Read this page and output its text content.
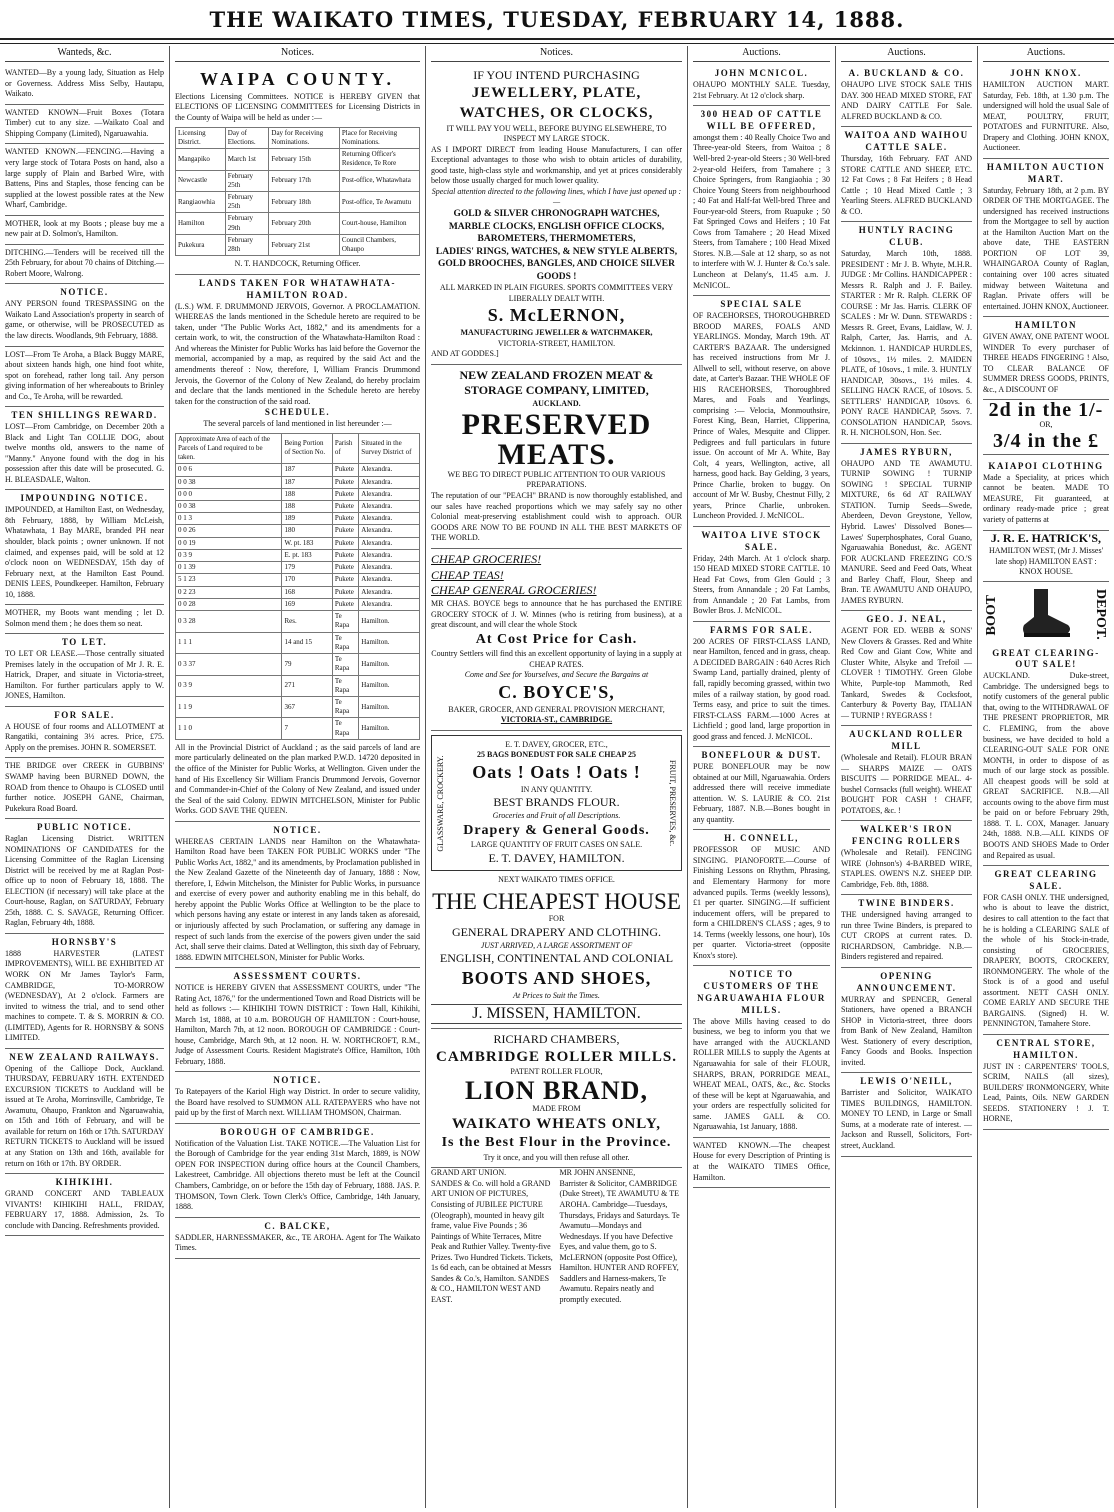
THE WAIKATO TIMES, TUESDAY, FEBRUARY 14, 1888.
Wanteds, &c.
WANTED—By a young lady, Situation as Help or Governess. Address Miss Selby, Hautapu, Waikato.
WANTED KNOWN—Fruit Boxes (Totara Timber) cut to any size. —Waikato Coal and Shipping Company (Limited), Ngaruawahia.
WANTED KNOWN.—FENCING.—Having a very large stock of Totara Posts on hand, also a large supply of Plain and Barbed Wire, with Battens, Pins and Staples, those fencing can be supplied at the lowest possible rates at the New Wharf, Cambridge.
MOTHER, look at my Boots ; please buy me a new pair at D. Solmon's, Hamilton.
DITCHING.—Tenders will be received till the 25th February, for about 70 chains of Ditching.—Robert Moore, Walrong.
NOTICE.
ANY PERSON found TRESPASSING on the Waikato Land Association's property in search of game, or otherwise, will be PROSECUTED as the law directs. Woodlands, 9th February, 1888.
LOST—From Te Aroha, a Black Buggy MARE, about sixteen hands high, one hind foot white, spot on forehead, rather long tail. Any person giving information of her whereabouts to Brinley and Co., Te Aroha, will be rewarded.
TEN SHILLINGS REWARD.
LOST—From Cambridge, on December 20th a Black and Light Tan COLLIE DOG, about twelve months old, answers to the name of "Manny." Anyone found with the dog in his possession after this date will be prosecuted. G. H. BLEASDALE, Walton.
IMPOUNDING NOTICE.
IMPOUNDED, at Hamilton East, on Wednesday, 8th February, 1888, by William McLeish, Whatawhata, 1 Bay MARE, branded PH near shoulder, black points ; owner unknown. If not claimed, and expenses paid, will be sold at 12 o'clock noon on WEDNESDAY, 15th day of February next, at the Hamilton East Pound. DENIS LEES, Poundkeeper. Hamilton, February 10, 1888.
MOTHER, my Boots want mending ; let D. Solmon mend them ; he does them so neat.
TO LET.
TO LET OR LEASE.—Those centrally situated Premises lately in the occupation of Mr J. R. E. Hatrick, Draper, and situate in Victoria-street, Hamilton. For further particulars apply to W. JONES, Hamilton.
FOR SALE.
A HOUSE of four rooms and ALLOTMENT at Rangatiki, containing 3½ acres. Price, £75. Apply on the premises. JOHN R. SOMERSET.
THE BRIDGE over CREEK in GUBBINS' SWAMP having been BURNED DOWN, the ROAD from thence to Ohaupo is CLOSED until further notice. JOSEPH GANE, Chairman, Pukekura Road Board.
PUBLIC NOTICE.
Raglan Licensing District. WRITTEN NOMINATIONS OF CANDIDATES for the Licensing Committee of the Raglan Licensing District will be received by me at Raglan Post-office up to noon of February 18, 1888. The ELECTION (if necessary) will take place at the Court-house, Raglan, on SATURDAY, February 25th, 1888. C. S. SAVAGE, Returning Officer. Raglan, February 4th, 1888.
HORNSBY'S
1888 HARVESTER (LATEST IMPROVEMENTS), WILL BE EXHIBITED AT WORK ON Mr James Taylor's Farm, CAMBRIDGE, TO-MORROW (WEDNESDAY), At 2 o'clock. Farmers are invited to witness the trial, and to send other machines to compete. T. & S. MORRIN & CO. (LIMITED), Agents for R. HORNSBY & SONS LIMITED.
NEW ZEALAND RAILWAYS.
Opening of the Calliope Dock, Auckland. THURSDAY, FEBRUARY 16TH. EXTENDED EXCURSION TICKETS to Auckland will be issued at Te Aroha, Morrinsville, Cambridge, Te Awamutu, Ohaupo, Frankton and Ngaruawahia, on 15th and 16th of February, and will be available for return on 16th or 17th. SATURDAY RETURN TICKETS to Auckland will be issued at any Station on 13th and 16th, available for return on 16th or 17th. BY ORDER.
KIHIKIHI.
GRAND CONCERT AND TABLEAUX VIVANTS! KIHIKIHI HALL, FRIDAY, FEBRUARY 17, 1888. Admission, 2s. To conclude with Dancing. Refreshments provided.
Notices.
WAIPA COUNTY.
Elections Licensing Committees. NOTICE is HEREBY GIVEN that ELECTIONS OF LICENSING COMMITTEES for Licensing Districts in the County of Waipa will be held as under :—
Licensing District.	Day of Elections.	Day for Receiving Nominations.	Place for Receiving Nominations.
Mangapiko	March 1st	February 15th	Returning Officer's Residence, Te Rore
Newcastle	February 25th	February 17th	Post-office, Whatawhata
Rangiaowhia	February 25th	February 18th	Post-office, Te Awamutu
Hamilton	February 29th	February 20th	Court-house, Hamilton
Pukekura	February 28th	February 21st	Council Chambers, Ohaupo
N. T. HANDCOCK, Returning Officer.
LANDS TAKEN FOR WHATAWHATA-HAMILTON ROAD.
(L.S.) WM. F. DRUMMOND JERVOIS, Governor. A PROCLAMATION. WHEREAS the lands mentioned in the Schedule hereto are required to be taken, under "The Public Works Act, 1882," and its amendments for a certain work, to wit, the construction of the Whatawhata-Hamilton Road : And whereas the Minister for Public Works has laid before the Governor the memorial, accompanied by a map, as required by the said Act and the amendments thereof : Now, therefore, I, William Francis Drummond Jervois, the Governor of the Colony of New Zealand, do hereby proclaim and declare that the lands mentioned in the Schedule hereto are hereby taken for the construction of the said road.
SCHEDULE.
The several parcels of land mentioned in list hereunder :—
Approximate Area of each of the Parcels of Land required to be taken.	Being Portion of Section No.	Parish of	Situated in the Survey District of
0 0 6	187	Pukete	Alexandra.
0 0 38	187	Pukete	Alexandra.
0 0 0	188	Pukete	Alexandra.
0 0 38	188	Pukete	Alexandra.
0 1 3	189	Pukete	Alexandra.
0 0 26	180	Pukete	Alexandra.
0 0 19	W. pt. 183	Pukete	Alexandra.
0 3 9	E. pt. 183	Pukete	Alexandra.
0 1 39	179	Pukete	Alexandra.
5 1 23	170	Pukete	Alexandra.
0 2 23	168	Pukete	Alexandra.
0 0 28	169	Pukete	Alexandra.
0 3 28	Res.	Te Rapa	Hamilton.
1 1 1	14 and 15	Te Rapa	Hamilton.
0 3 37	79	Te Rapa	Hamilton.
0 3 9	271	Te Rapa	Hamilton.
1 1 9	367	Te Rapa	Hamilton.
1 1 0	7	Te Rapa	Hamilton.
All in the Provincial District of Auckland ; as the said parcels of land are more particularly delineated on the plan marked P.W.D. 14720 deposited in the office of the Minister for Public Works, at Wellington. Given under the hand of His Excellency Sir William Francis Drummond Jervois, Governor and Commander-in-Chief of the Colony of New Zealand, and issued under the Seal of the said Colony. EDWIN MITCHELSON, Minister for Public Works. GOD SAVE THE QUEEN.
NOTICE.
WHEREAS CERTAIN LANDS near Hamilton on the Whatawhata-Hamilton Road have been TAKEN FOR PUBLIC WORKS under "The Public Works Act, 1882," and its amendments, by Proclamation published in the New Zealand Gazette of the Nineteenth day of January, 1888 : Now, therefore, I, Edwin Mitchelson, the Minister for Public Works, in pursuance and exercise of every power and authority enabling me in this behalf, do hereby appoint the Public Works Office at Wellington to be the place to which persons having any estate or interest in any lands taken as aforesaid, or injuriously affected by such Proclamation, or suffering any damage in respect of such lands from the exercise of the powers given under the said Act, shall serve their claims. Dated at Wellington, this sixth day of February, 1888. EDWIN MITCHELSON, Minister for Public Works.
ASSESSMENT COURTS.
NOTICE is HEREBY GIVEN that ASSESSMENT COURTS, under "The Rating Act, 1876," for the undermentioned Town and Road Districts will be held as follows :— KIHIKIHI TOWN DISTRICT : Town Hall, Kihikihi, March 1st, 1888, at 10 a.m. BOROUGH OF HAMILTON : Court-house, Hamilton, March 7th, at 12 noon. BOROUGH OF CAMBRIDGE : Court-house, Cambridge, March 9th, at 12 noon. H. W. NORTHCROFT, R.M., Judge of Assessment Courts. Resident Magistrate's Office, Hamilton, 10th February, 1888.
NOTICE.
To Ratepayers of the Kariol High way District. In order to secure validity, the Board have resolved to SUMMON ALL RATEPAYERS who have not paid up by the first of March next. WILLIAM THOMSON, Chairman.
BOROUGH OF CAMBRIDGE.
Notification of the Valuation List. TAKE NOTICE.—The Valuation List for the Borough of Cambridge for the year ending 31st March, 1889, is NOW OPEN FOR INSPECTION during office hours at the Council Chambers, Lakestreet, Cambridge. All objections thereto must be left at the Council Chambers, Cambridge, on or before the 15th day of February, 1888. JAS. P. THOMSON, Town Clerk. Town Clerk's Office, Cambridge, 14th January, 1888.
C. BALCKE,
SADDLER, HARNESSMAKER, &c., TE AROHA. Agent for The Waikato Times.
Notices.
IF YOU INTEND PURCHASING
JEWELLERY, PLATE, WATCHES, OR CLOCKS,
IT WILL PAY YOU WELL, BEFORE BUYING ELSEWHERE, TO INSPECT MY LARGE STOCK.
AS I IMPORT DIRECT from leading House Manufacturers, I can offer Exceptional advantages to those who wish to obtain articles of durability, good taste, high-class style and workmanship, and yet at prices considerably below those usually charged for much lower quality.
Special attention directed to the following lines, which I have just opened up :—
GOLD & SILVER CHRONOGRAPH WATCHES,
MARBLE CLOCKS, ENGLISH OFFICE CLOCKS,
BAROMETERS, THERMOMETERS,
LADIES' RINGS, WATCHES, & NEW STYLE ALBERTS,
GOLD BROOCHES, BANGLES, AND CHOICE SILVER GOODS !
ALL MARKED IN PLAIN FIGURES. SPORTS COMMITTEES VERY LIBERALLY DEALT WITH.
S. McLERNON,
MANUFACTURING JEWELLER & WATCHMAKER,
VICTORIA-STREET, HAMILTON.
AND AT GODDES.]
NEW ZEALAND FROZEN MEAT & STORAGE COMPANY, LIMITED,
AUCKLAND.
PRESERVED MEATS.
WE BEG TO DIRECT PUBLIC ATTENTION TO OUR VARIOUS PREPARATIONS.
The reputation of our "PEACH" BRAND is now thoroughly established, and our sales have reached proportions which we may safely say no other Colonial meat-preserving establishment could wish to approach. OUR GOODS ARE NOW TO BE FOUND IN ALL THE BEST MARKETS OF THE WORLD.
CHEAP GROCERIES!
CHEAP TEAS!
CHEAP GENERAL GROCERIES!
MR CHAS. BOYCE begs to announce that he has purchased the ENTIRE GROCERY STOCK of J. W. Minnes (who is retiring from business), at a great discount, and will clear the whole Stock
At Cost Price for Cash.
Country Settlers will find this an excellent opportunity of laying in a supply at CHEAP RATES.
Come and See for Yourselves, and Secure the Bargains at
C. BOYCE'S,
BAKER, GROCER, AND GENERAL PROVISION MERCHANT,
VICTORIA-ST., CAMBRIDGE.
GLASSWARE, CROCKERY.
E. T. DAVEY, GROCER, ETC.,
25 BAGS BONEDUST FOR SALE CHEAP 25
Oats ! Oats ! Oats !
IN ANY QUANTITY.
BEST BRANDS FLOUR.
Groceries and Fruit of all Descriptions.
Drapery & General Goods.
LARGE QUANTITY OF FRUIT CASES ON SALE.
E. T. DAVEY, HAMILTON.
FRUIT, PRESERVES, &c.
NEXT WAIKATO TIMES OFFICE.
THE CHEAPEST HOUSE
FOR
GENERAL DRAPERY AND CLOTHING.
JUST ARRIVED, A LARGE ASSORTMENT OF
ENGLISH, CONTINENTAL AND COLONIAL
BOOTS AND SHOES,
At Prices to Suit the Times.
J. MISSEN, HAMILTON.
RICHARD CHAMBERS,
CAMBRIDGE ROLLER MILLS.
PATENT ROLLER FLOUR,
LION BRAND,
MADE FROM
WAIKATO WHEATS ONLY,
Is the Best Flour in the Province.
Try it once, and you will then refuse all other.
GRAND ART UNION.
SANDES & Co. will hold a GRAND ART UNION OF PICTURES, Consisting of JUBILEE PICTURE (Oleograph), mounted in heavy gilt frame, value Five Pounds ; 36 Paintings of White Terraces, Mitre Peak and Ruthier Valley. Twenty-five Prizes. Two Hundred Tickets. Tickets, 1s 6d each, can be obtained at Messrs Sandes & Co.'s, Hamilton. SANDES & CO., HAMILTON WEST AND EAST.
MR JOHN ANSENNE,
Barrister & Solicitor, CAMBRIDGE (Duke Street), TE AWAMUTU & TE AROHA. Cambridge—Tuesdays, Thursdays, Fridays and Saturdays. Te Awamutu—Mondays and Wednesdays. If you have Defective Eyes, and value them, go to S. McLERNON (opposite Post Office), Hamilton. HUNTER AND ROFFEY, Saddlers and Harness-makers, Te Awamutu. Repairs neatly and promptly executed.
Auctions.
JOHN MCNICOL.
OHAUPO MONTHLY SALE. Tuesday, 21st February. At 12 o'clock sharp.
300 HEAD OF CATTLE WILL BE OFFERED,
amongst them : 40 Really Choice Two and Three-year-old Steers, from Waitoa ; 8 Well-bred 2-year-old Steers ; 30 Well-bred 2-year-old Heifers, from Tamahere ; 3 Choice Springers, from Rangiaohia ; 30 Choice Young Steers from neighbourhood ; 40 Fat and Half-fat Well-bred Three and Four-year-old Steers, from Ruapuke ; 50 Fat Springed Cows and Heifers ; 10 Fat Cows from Tamahere ; 20 Head Mixed Steers, from Tamahere ; 100 Head Mixed Stores. N.B.—Sale at 12 sharp, so as not to interfere with W. J. Hunter & Co.'s sale. Luncheon at Delany's, 11.45 a.m. J. McNICOL.
SPECIAL SALE
OF RACEHORSES, THOROUGHBRED BROOD MARES, FOALS AND YEARLINGS. Monday, March 19th. AT CARTER'S BAZAAR. The undersigned has received instructions from Mr J. Allwell to sell, without reserve, on above date, at Carter's Bazaar. THE WHOLE OF HIS RACEHORSES, Thoroughbred Mares, and Foals and Yearlings, comprising :— Velocia, Monmouthsire, Forest King, Bean, Harriet, Clipperina, Prince of Wales, Mesquite and Clipper. Pedigrees and full particulars in future issue. On account of Mr A. White, Bay Colt, 4 years, Wellington, active, all harness, good hack. Bay Gelding, 3 years, Prince Charlie, broken to buggy. On account of Mr W. Busby, Chestnut Filly, 2 years, Prince Charlie, unbroken. Luncheon Provided. J. McNICOL.
WAITOA LIVE STOCK SALE.
Friday, 24th March. At 1 o'clock sharp. 150 HEAD MIXED STORE CATTLE. 10 Head Fat Cows, from Glen Gould ; 3 Steers, from Annandale ; 20 Fat Lambs, from Annandale ; 20 Fat Lambs, from Bowler Bros. J. McNICOL.
FARMS FOR SALE.
200 ACRES OF FIRST-CLASS LAND, near Hamilton, fenced and in grass, cheap. A DECIDED BARGAIN : 640 Acres Rich Swamp Land, partially drained, plenty of fall, rapidly becoming grassed, within two miles of a railway station, by good road. Terms easy, and price to suit the times. FIRST-CLASS FARM.—1000 Acres at Lichfield ; good land, large proportion in good grass and fenced. J. McNICOL.
BONEFLOUR & DUST.
PURE BONEFLOUR may be now obtained at our Mill, Ngaruawahia. Orders addressed there will receive immediate attention. W. S. LAURIE & CO. 21st February, 1887. N.B.—Bones bought in any quantity.
H. CONNELL,
PROFESSOR OF MUSIC AND SINGING. PIANOFORTE.—Course of Finishing Lessons on Rhythm, Phrasing, and Elementary Harmony for more advanced pupils. Terms (weekly lessons), £1 per quarter. SINGING.—If sufficient inducement offers, will be prepared to form a CHILDREN'S CLASS ; ages, 9 to 14. Terms (weekly lessons, one hour), 10s per quarter. Victoria-street (opposite Knox's store).
NOTICE TO CUSTOMERS OF THE NGARUAWAHIA FLOUR MILLS.
The above Mills having ceased to do business, we beg to inform you that we have arranged with the AUCKLAND ROLLER MILLS to supply the Agents at Ngaruawahia for sale of their FLOUR, SHARPS, BRAN, PORRIDGE MEAL, WHEAT MEAL, OATS, &c., &c. Stocks of these will be kept at Ngaruawahia, and your orders are respectfully solicited for same. JAMES GALL & CO. Ngaruawahia, 1st January, 1888.
WANTED KNOWN.—The cheapest House for every Description of Printing is at the WAIKATO TIMES Office, Hamilton.
Auctions.
A. BUCKLAND & CO.
OHAUPO LIVE STOCK SALE THIS DAY. 300 HEAD MIXED STORE, FAT AND DAIRY CATTLE For Sale. ALFRED BUCKLAND & CO.
WAITOA AND WAIHOU CATTLE SALE.
Thursday, 16th February. FAT AND STORE CATTLE AND SHEEP, ETC. 12 Fat Cows ; 8 Fat Heifers ; 8 Head Cattle ; 10 Head Mixed Cattle ; 3 Yearling Steers. ALFRED BUCKLAND & CO.
HUNTLY RACING CLUB.
Saturday, March 10th, 1888. PRESIDENT : Mr J. B. Whyte, M.H.R. JUDGE : Mr Collins. HANDICAPPER : Messrs R. Ralph and J. F. Bailey. STARTER : Mr R. Ralph. CLERK OF COURSE : Mr Jas. Harris. CLERK OF SCALES : Mr W. Dunn. STEWARDS : Messrs R. Greet, Evans, Laidlaw, W. J. Ralph, Carter, Jas. Harris, and A. Mckinnon. 1. HANDICAP HURDLES, of 10sovs., 1½ miles. 2. MAIDEN PLATE, of 10sovs., 1 mile. 3. HUNTLY HANDICAP, 30sovs., 1½ miles. 4. SELLING HACK RACE, of 10sovs. 5. SETTLERS' HANDICAP, 10sovs. 6. PONY RACE HANDICAP, 5sovs. 7. CONSOLATION HANDICAP, 5sovs. R. H. NICHOLSON, Hon. Sec.
JAMES RYBURN,
OHAUPO AND TE AWAMUTU. TURNIP SOWING ! TURNIP SOWING ! SPECIAL TURNIP MIXTURE, 6s 6d AT RAILWAY STATION. Turnip Seeds—Swede, Aberdeen, Devon Greystone, Yellow, Hybrid. Lawes' Dissolved Bones—Lawes' Superphosphates, Coral Guano, Ngaruawahia Bonedust, &c. AGENT FOR AUCKLAND FREEZING CO.'S MANURE. Seed and Feed Oats, Wheat and Barley Chaff, Flour, Sheep and Bran. TE AWAMUTU AND OHAUPO, JAMES RYBURN.
GEO. J. NEAL,
AGENT FOR ED. WEBB & SONS' New Clovers & Grasses. Red and White Red Cow and Giant Cow, White and Cluster White, Alsyke and Trefoil — CLOVER ! TIMOTHY. Green Globe White, Purple-top Mammoth, Red Tankard, Swedes & Cocksfoot, Canterbury & Poverty Bay, ITALIAN — TURNIP ! RYEGRASS !
AUCKLAND ROLLER MILL
(Wholesale and Retail). FLOUR BRAN — SHARPS MAIZE — OATS BISCUITS — PORRIDGE MEAL. 4-bushel Cornsacks (full weight). WHEAT BOUGHT FOR CASH ! CHAFF, POTATOES, &c. !
WALKER'S IRON FENCING ROLLERS
(Wholesale and Retail). FENCING WIRE (Johnson's) 4-BARBED WIRE, STAPLES. OWEN'S N.Z. SHEEP DIP. Cambridge, Feb. 8th, 1888.
TWINE BINDERS.
THE undersigned having arranged to run three Twine Binders, is prepared to CUT CROPS at current rates. D. RICHARDSON, Cambridge. N.B.—Binders registered and repaired.
OPENING ANNOUNCEMENT.
MURRAY and SPENCER, General Stationers, have opened a BRANCH SHOP in Victoria-street, three doors from Bank of New Zealand, Hamilton West. Stationery of every description, Fancy Goods and Books. Inspection invited.
LEWIS O'NEILL,
Barrister and Solicitor, WAIKATO TIMES BUILDINGS, HAMILTON. MONEY TO LEND, in Large or Small Sums, at a moderate rate of interest. — Jackson and Russell, Solicitors, Fort-street, Auckland.
Auctions.
JOHN KNOX.
HAMILTON AUCTION MART. Saturday, Feb. 18th, at 1.30 p.m. The undersigned will hold the usual Sale of MEAT, POULTRY, FRUIT, POTATOES and FURNITURE. Also, Drapery and Clothing. JOHN KNOX, Auctioneer.
HAMILTON AUCTION MART.
Saturday, February 18th, at 2 p.m. BY ORDER OF THE MORTGAGEE. The undersigned has received instructions from the Mortgagee to sell by auction at the Hamilton Auction Mart on the above date, THE EASTERN PORTION OF LOT 39, WHAINGAROA County of Raglan, containing over 100 acres situated midway between Waitetuna and Raglan. Private offers will be entertained. JOHN KNOX, Auctioneer.
HAMILTON
GIVEN AWAY, ONE PATENT WOOL WINDER To every purchaser of THREE HEADS FINGERING ! Also, TO CLEAR BALANCE OF SUMMER DRESS GOODS, PRINTS, &c., A DISCOUNT OF
2d in the 1/-
OR,
3/4 in the £
KAIAPOI CLOTHING
Made a Speciality, at prices which cannot be beaten. MADE TO MEASURE, Fit guaranteed, at ordinary ready-made price ; great variety of patterns at
J. R. E. HATRICK'S,
HAMILTON WEST, (Mr J. Misses' late shop) HAMILTON EAST : KNOX HOUSE.
BOOT	DEPOT.
GREAT CLEARING-OUT SALE!
AUCKLAND. Duke-street, Cambridge. The undersigned begs to notify customers of the general public that, owing to the WITHDRAWAL OF THE PRESENT PROPRIETOR, MR C. FLEMING, from the above business, we have decided to hold a CLEARING-OUT SALE FOR ONE MONTH, in order to dispose of as much of our large stock as possible. All cheapest goods will be sold at GREAT SACRIFICE. N.B.—All accounts owing to the above firm must be paid on or before February 29th, 1888. T. L. COX, Manager. January 24th, 1888. N.B.—ALL KINDS OF BOOTS AND SHOES Made to Order and Repaired as usual.
GREAT CLEARING SALE.
FOR CASH ONLY. THE undersigned, who is about to leave the district, desires to call attention to the fact that he is holding a CLEARING SALE of the whole of his Stock-in-trade, consisting of GROCERIES, DRAPERY, BOOTS, CROCKERY, IRONMONGERY. The whole of the Stock is of a good and useful assortment. NETT CASH ONLY. COME EARLY AND SECURE THE BARGAINS. (Signed) H. W. PENNINGTON, Tamahere Store.
CENTRAL STORE, HAMILTON.
JUST IN : CARPENTERS' TOOLS, SCRIM, NAILS (all sizes), BUILDERS' IRONMONGERY, White Lead, Paints, Oils. NEW GARDEN SEEDS. STATIONERY ! J. T. HORNE,
